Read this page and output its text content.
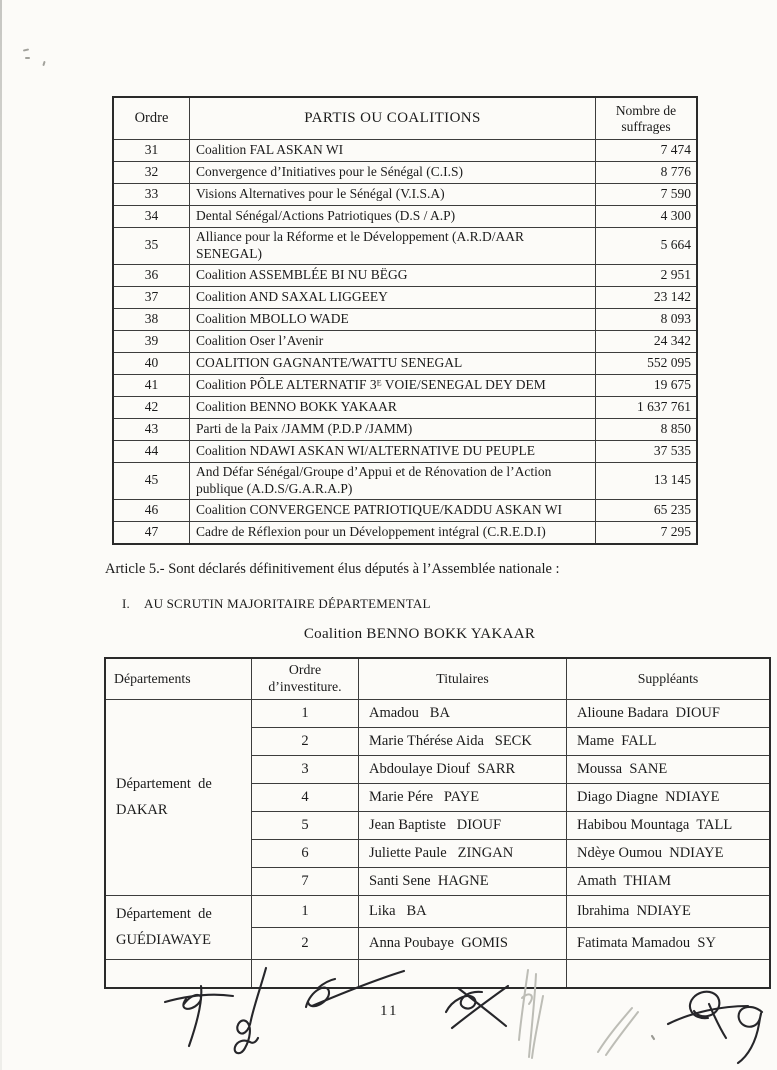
Ordre	PARTIS OU COALITIONS	Nombre de suffrages
31	Coalition FAL ASKAN WI	7 474
32	Convergence d’Initiatives pour le Sénégal (C.I.S)	8 776
33	Visions Alternatives pour le Sénégal (V.I.S.A)	7 590
34	Dental Sénégal/Actions Patriotiques (D.S / A.P)	4 300
35	Alliance pour la Réforme et le Développement (A.R.D/AAR SENEGAL)	5 664
36	Coalition ASSEMBLÉE BI NU BËGG	2 951
37	Coalition AND SAXAL LIGGEEY	23 142
38	Coalition MBOLLO WADE	8 093
39	Coalition Oser l’Avenir	24 342
40	COALITION GAGNANTE/WATTU SENEGAL	552 095
41	Coalition PÔLE ALTERNATIF 3ᴱ VOIE/SENEGAL DEY DEM	19 675
42	Coalition BENNO BOKK YAKAAR	1 637 761
43	Parti de la Paix /JAMM (P.D.P /JAMM)	8 850
44	Coalition NDAWI ASKAN WI/ALTERNATIVE DU PEUPLE	37 535
45	And Défar Sénégal/Groupe d’Appui et de Rénovation de l’Action publique (A.D.S/G.A.R.A.P)	13 145
46	Coalition CONVERGENCE PATRIOTIQUE/KADDU ASKAN WI	65 235
47	Cadre de Réflexion pour un Développement intégral (C.R.E.D.I)	7 295
Article 5.- Sont déclarés définitivement élus députés à l’Assemblée nationale :
I. AU SCRUTIN MAJORITAIRE DÉPARTEMENTAL
Coalition BENNO BOKK YAKAAR
Départements	Ordre d’investiture.	Titulaires	Suppléants

Département  de
DAKAR	1	Amadou   BA	Alioune Badara  DIOUF
	2	Marie Thérése Aida   SECK	Mame  FALL
	3	Abdoulaye Diouf  SARR	Moussa  SANE
	4	Marie Pére   PAYE	Diago Diagne  NDIAYE
	5	Jean Baptiste   DIOUF	Habibou Mountaga  TALL
	6	Juliette Paule   ZINGAN	Ndèye Oumou  NDIAYE
	7	Santi Sene  HAGNE	Amath  THIAM

Département  de
GUÉDIAWAYE	1	Lika   BA	Ibrahima  NDIAYE
	2	Anna Poubaye  GOMIS	Fatimata Mamadou  SY

11
